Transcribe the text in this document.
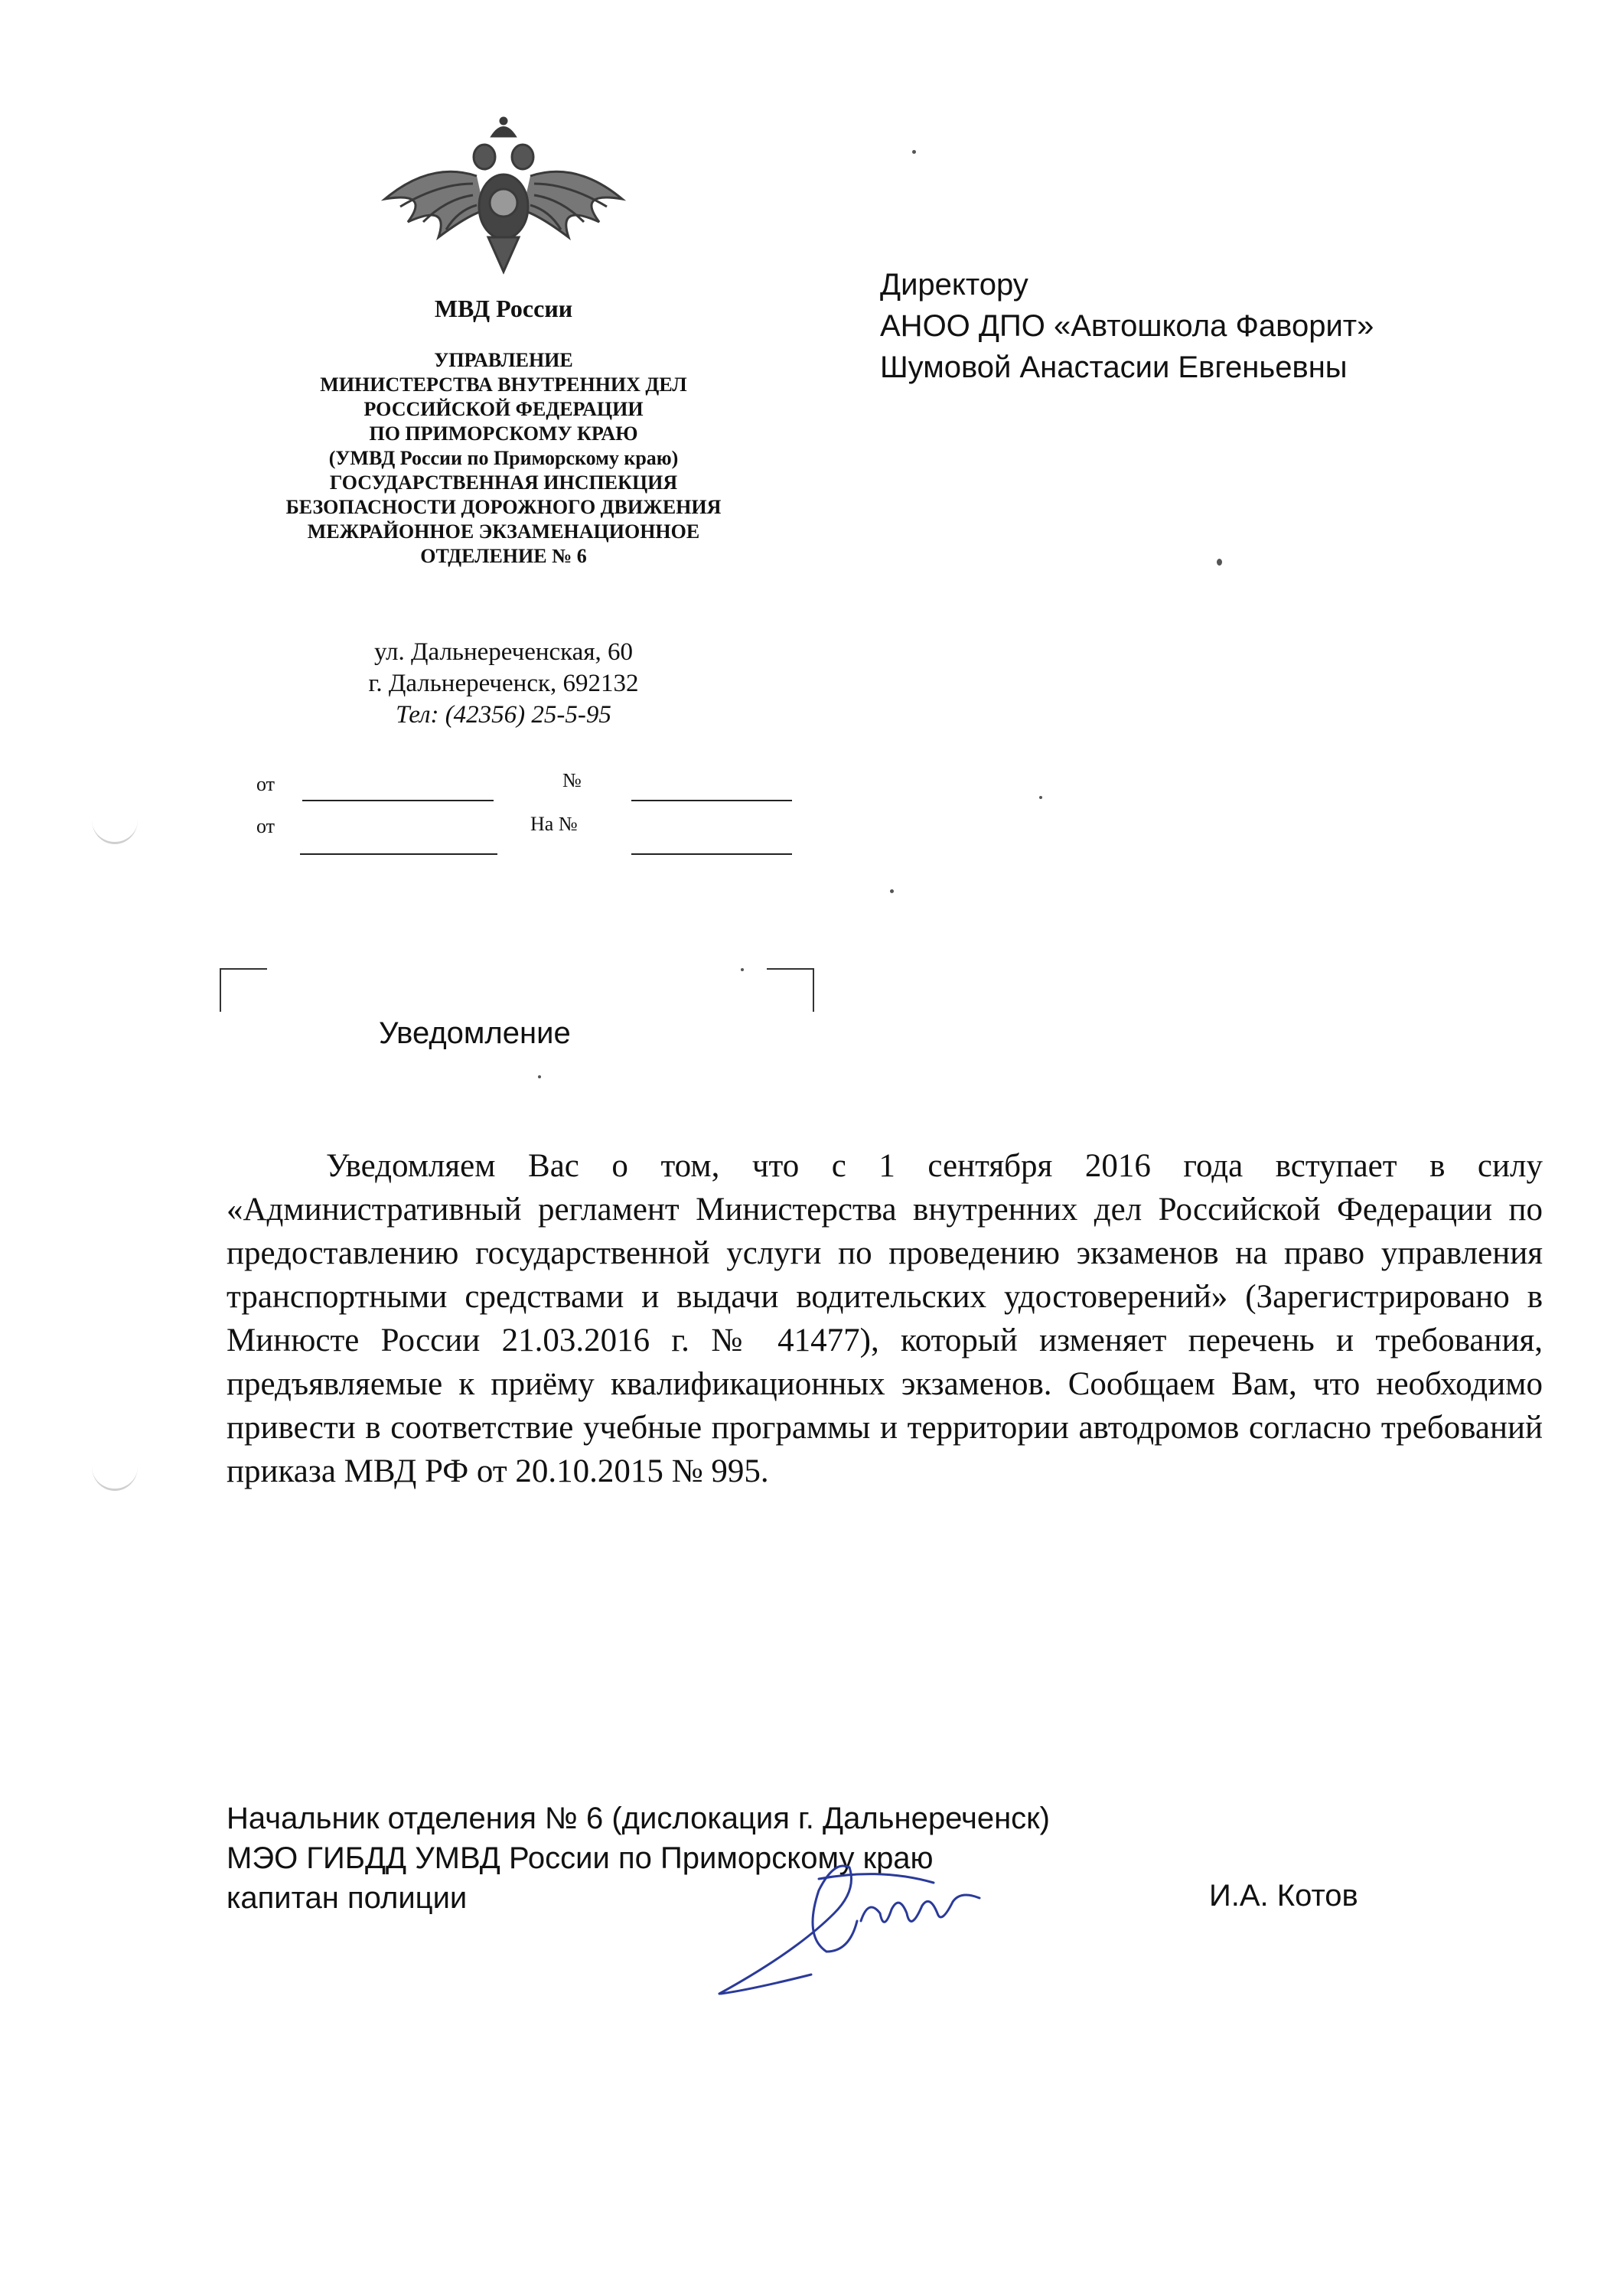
МВД России
УПРАВЛЕНИЕ
МИНИСТЕРСТВА ВНУТРЕННИХ ДЕЛ
РОССИЙСКОЙ ФЕДЕРАЦИИ
ПО ПРИМОРСКОМУ КРАЮ
(УМВД России по Приморскому краю)
ГОСУДАРСТВЕННАЯ ИНСПЕКЦИЯ
БЕЗОПАСНОСТИ ДОРОЖНОГО ДВИЖЕНИЯ
МЕЖРАЙОННОЕ ЭКЗАМЕНАЦИОННОЕ
ОТДЕЛЕНИЕ № 6
ул. Дальнереченская, 60
г. Дальнереченск, 692132
Тел: (42356) 25-5-95
от	№
от	На №
Директору
АНОО ДПО «Автошкола Фаворит»
Шумовой Анастасии Евгеньевны
Уведомление
Уведомляем Вас о том, что с 1 сентября 2016 года вступает в силу «Административный регламент Министерства внутренних дел Российской Федерации по предоставлению государственной услуги по проведению экзаменов на право управления транспортными средствами и выдачи водительских удостоверений» (Зарегистрировано в Минюсте России 21.03.2016 г. № 41477), который изменяет перечень и требования, предъявляемые к приёму квалификационных экзаменов. Сообщаем Вам, что необходимо привести в соответствие учебные программы и территории автодромов согласно требований приказа МВД РФ от 20.10.2015 № 995.
Начальник отделения № 6 (дислокация г. Дальнереченск)
МЭО ГИБДД УМВД России по Приморскому краю
капитан полиции	И.А. Котов
